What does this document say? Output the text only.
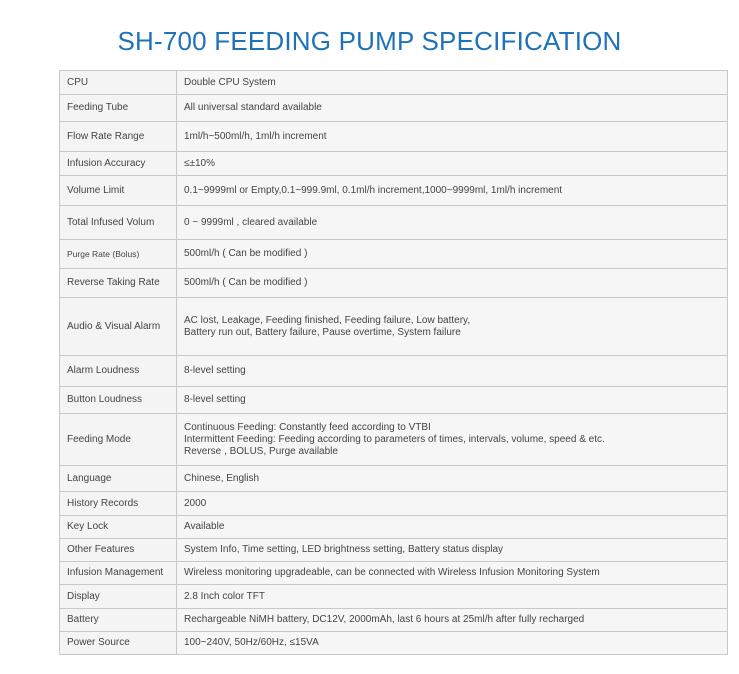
SH-700 FEEDING PUMP SPECIFICATION
CPU	Double CPU System

Feeding Tube	All universal standard available

Flow Rate Range	1ml/h~500ml/h, 1ml/h increment

Infusion Accuracy	≤±10%

Volume Limit	0.1~9999ml or Empty,0.1~999.9ml, 0.1ml/h increment,1000~9999ml, 1ml/h increment

Total Infused Volum	0 ~ 9999ml , cleared available

Purge Rate (Bolus)	500ml/h ( Can be modified )

Reverse Taking Rate	500ml/h ( Can be modified )

Audio & Visual Alarm	AC lost, Leakage, Feeding finished, Feeding failure, Low battery,
Battery run out, Battery failure, Pause overtime, System failure

Alarm Loudness	8-level setting

Button Loudness	8-level setting

Feeding Mode	Continuous Feeding: Constantly feed according to VTBI
Intermittent Feeding: Feeding according to parameters of times, intervals, volume, speed & etc.
Reverse , BOLUS, Purge available

Language	Chinese, English

History Records	2000

Key Lock	Available

Other Features	System Info, Time setting, LED brightness setting, Battery status display

Infusion Management	Wireless monitoring upgradeable, can be connected with Wireless Infusion Monitoring System

Display	2.8 Inch color TFT

Battery	Rechargeable NiMH battery, DC12V, 2000mAh, last 6 hours at 25ml/h after fully recharged

Power Source	100~240V, 50Hz/60Hz, ≤15VA
